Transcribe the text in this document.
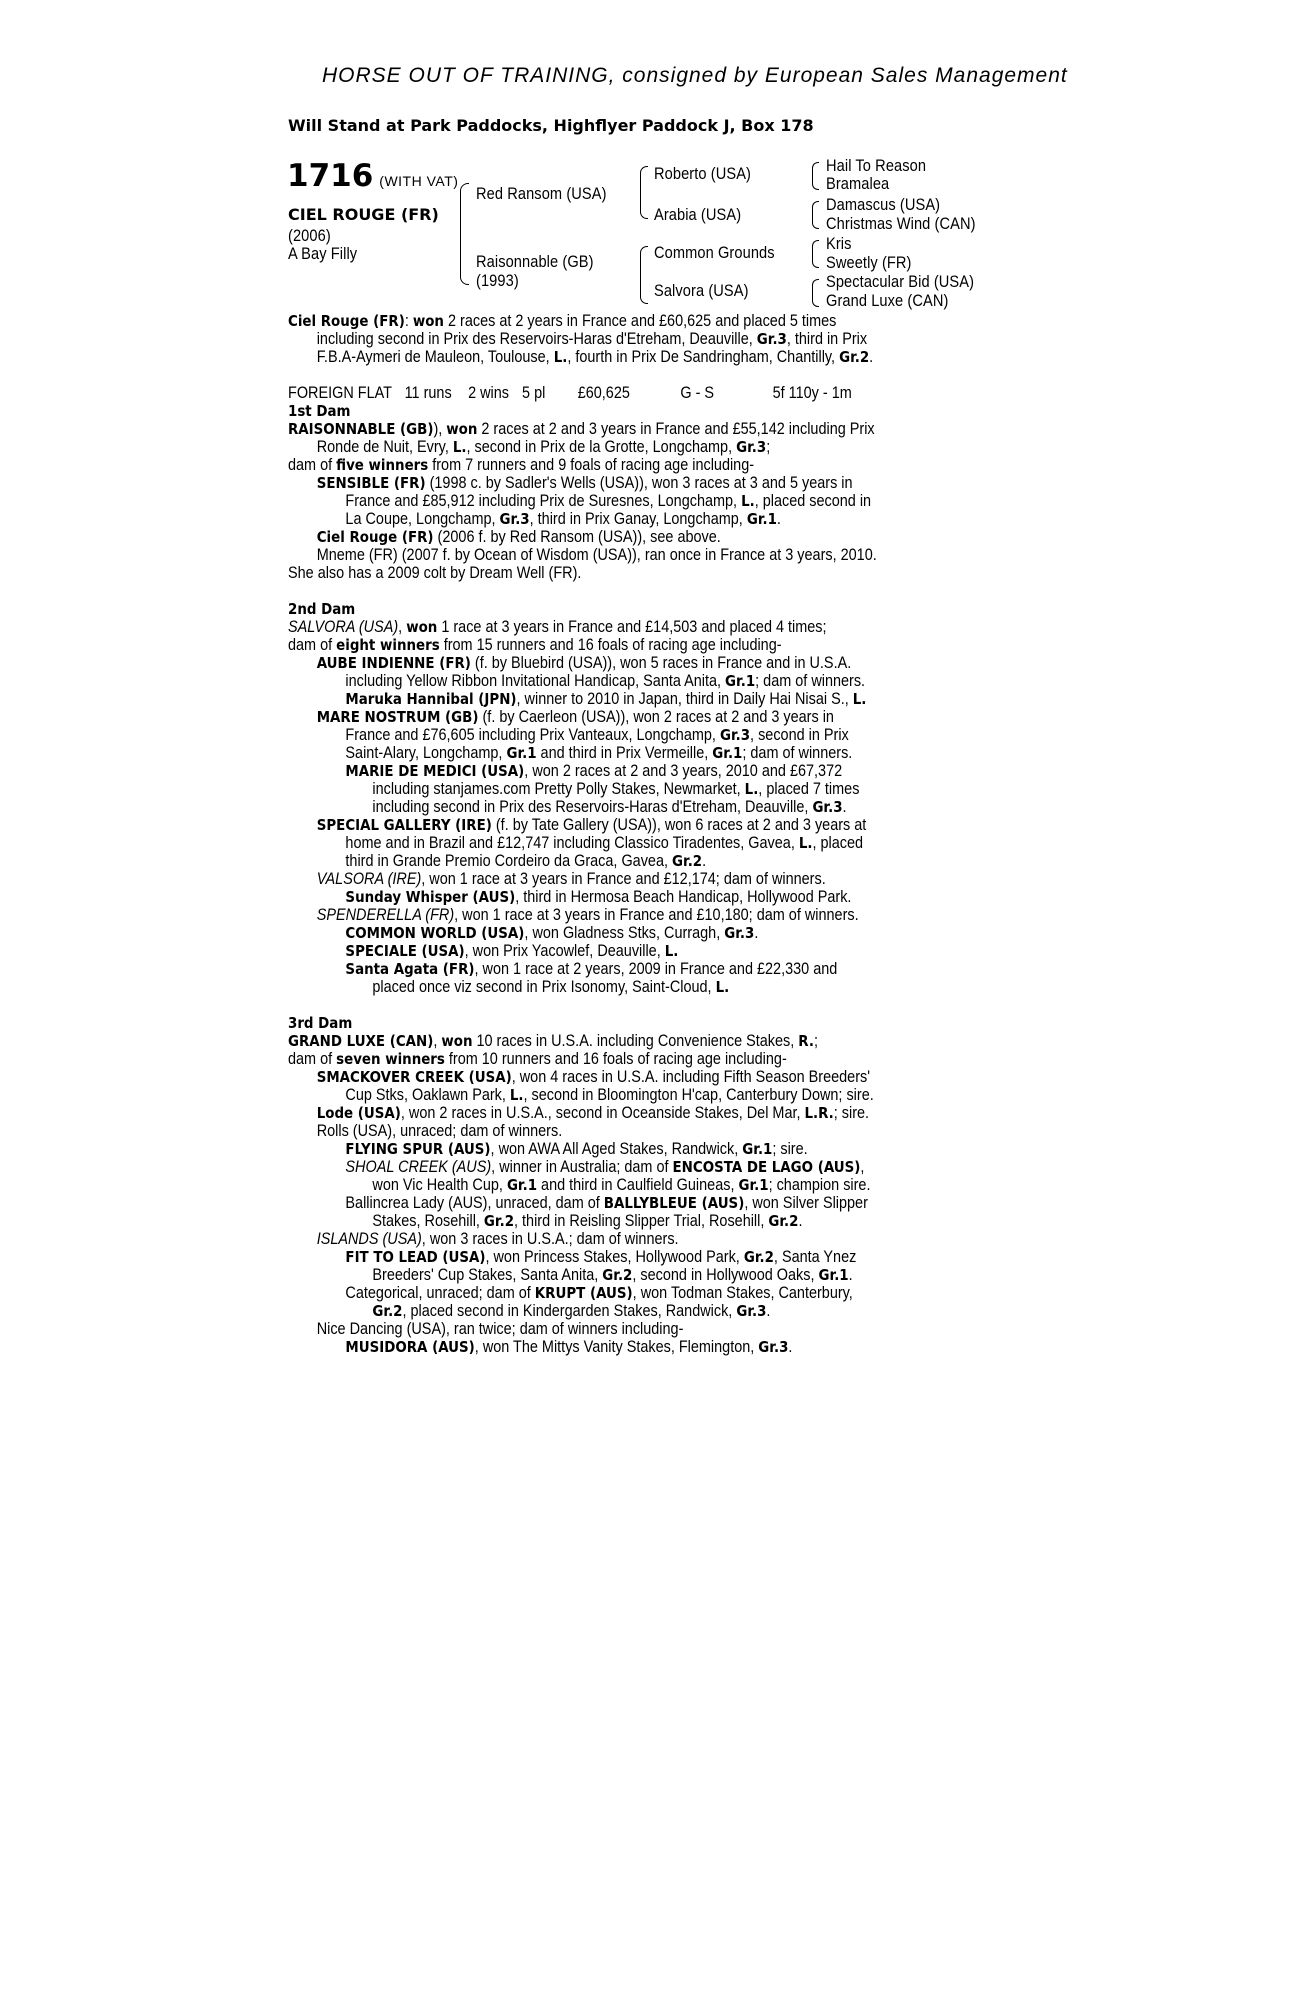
HORSE OUT OF TRAINING, consigned by European Sales Management
Will Stand at Park Paddocks, Highflyer Paddock J, Box 178
1716 (WITH VAT)
CIEL ROUGE (FR)
(2006)
A Bay Filly
Red Ransom (USA)
Raisonnable (GB)
(1993)
Roberto (USA)
Arabia (USA)
Common Grounds
Salvora (USA)
Hail To Reason
Bramalea
Damascus (USA)
Christmas Wind (CAN)
Kris
Sweetly (FR)
Spectacular Bid (USA)
Grand Luxe (CAN)
Ciel Rouge (FR): won 2 races at 2 years in France and £60,625 and placed 5 times
including second in Prix des Reservoirs-Haras d'Etreham, Deauville, Gr.3, third in Prix
F.B.A-Aymeri de Mauleon, Toulouse, L., fourth in Prix De Sandringham, Chantilly, Gr.2.
FOREIGN FLAT 11 runs 2 wins 5 pl £60,625	G - S	5f 110y - 1m
1st Dam
RAISONNABLE (GB)), won 2 races at 2 and 3 years in France and £55,142 including Prix
Ronde de Nuit, Evry, L., second in Prix de la Grotte, Longchamp, Gr.3;
dam of five winners from 7 runners and 9 foals of racing age including-
SENSIBLE (FR) (1998 c. by Sadler's Wells (USA)), won 3 races at 3 and 5 years in
France and £85,912 including Prix de Suresnes, Longchamp, L., placed second in
La Coupe, Longchamp, Gr.3, third in Prix Ganay, Longchamp, Gr.1.
Ciel Rouge (FR) (2006 f. by Red Ransom (USA)), see above.
Mneme (FR) (2007 f. by Ocean of Wisdom (USA)), ran once in France at 3 years, 2010.
She also has a 2009 colt by Dream Well (FR).
2nd Dam
SALVORA (USA), won 1 race at 3 years in France and £14,503 and placed 4 times;
dam of eight winners from 15 runners and 16 foals of racing age including-
AUBE INDIENNE (FR) (f. by Bluebird (USA)), won 5 races in France and in U.S.A.
including Yellow Ribbon Invitational Handicap, Santa Anita, Gr.1; dam of winners.
Maruka Hannibal (JPN), winner to 2010 in Japan, third in Daily Hai Nisai S., L.
MARE NOSTRUM (GB) (f. by Caerleon (USA)), won 2 races at 2 and 3 years in
France and £76,605 including Prix Vanteaux, Longchamp, Gr.3, second in Prix
Saint-Alary, Longchamp, Gr.1 and third in Prix Vermeille, Gr.1; dam of winners.
MARIE DE MEDICI (USA), won 2 races at 2 and 3 years, 2010 and £67,372
including stanjames.com Pretty Polly Stakes, Newmarket, L., placed 7 times
including second in Prix des Reservoirs-Haras d'Etreham, Deauville, Gr.3.
SPECIAL GALLERY (IRE) (f. by Tate Gallery (USA)), won 6 races at 2 and 3 years at
home and in Brazil and £12,747 including Classico Tiradentes, Gavea, L., placed
third in Grande Premio Cordeiro da Graca, Gavea, Gr.2.
VALSORA (IRE), won 1 race at 3 years in France and £12,174; dam of winners.
Sunday Whisper (AUS), third in Hermosa Beach Handicap, Hollywood Park.
SPENDERELLA (FR), won 1 race at 3 years in France and £10,180; dam of winners.
COMMON WORLD (USA), won Gladness Stks, Curragh, Gr.3.
SPECIALE (USA), won Prix Yacowlef, Deauville, L.
Santa Agata (FR), won 1 race at 2 years, 2009 in France and £22,330 and
placed once viz second in Prix Isonomy, Saint-Cloud, L.
3rd Dam
GRAND LUXE (CAN), won 10 races in U.S.A. including Convenience Stakes, R.;
dam of seven winners from 10 runners and 16 foals of racing age including-
SMACKOVER CREEK (USA), won 4 races in U.S.A. including Fifth Season Breeders'
Cup Stks, Oaklawn Park, L., second in Bloomington H'cap, Canterbury Down; sire.
Lode (USA), won 2 races in U.S.A., second in Oceanside Stakes, Del Mar, L.R.; sire.
Rolls (USA), unraced; dam of winners.
FLYING SPUR (AUS), won AWA All Aged Stakes, Randwick, Gr.1; sire.
SHOAL CREEK (AUS), winner in Australia; dam of ENCOSTA DE LAGO (AUS),
won Vic Health Cup, Gr.1 and third in Caulfield Guineas, Gr.1; champion sire.
Ballincrea Lady (AUS), unraced, dam of BALLYBLEUE (AUS), won Silver Slipper
Stakes, Rosehill, Gr.2, third in Reisling Slipper Trial, Rosehill, Gr.2.
ISLANDS (USA), won 3 races in U.S.A.; dam of winners.
FIT TO LEAD (USA), won Princess Stakes, Hollywood Park, Gr.2, Santa Ynez
Breeders' Cup Stakes, Santa Anita, Gr.2, second in Hollywood Oaks, Gr.1.
Categorical, unraced; dam of KRUPT (AUS), won Todman Stakes, Canterbury,
Gr.2, placed second in Kindergarden Stakes, Randwick, Gr.3.
Nice Dancing (USA), ran twice; dam of winners including-
MUSIDORA (AUS), won The Mittys Vanity Stakes, Flemington, Gr.3.
